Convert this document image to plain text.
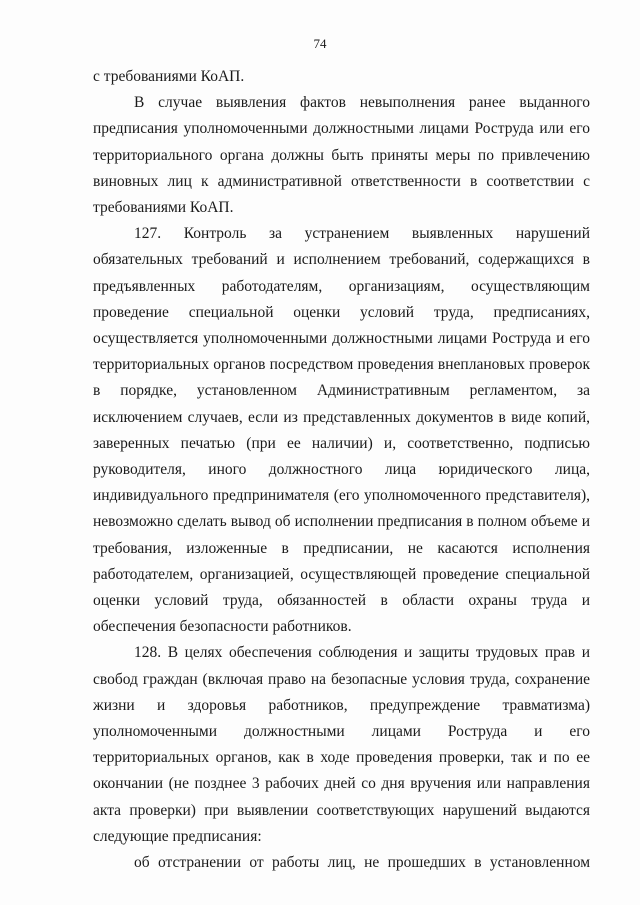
74

с требованиями КоАП.

В случае выявления фактов невыполнения ранее выданного предписания уполномоченными должностными лицами Роструда или его территориального органа должны быть приняты меры по привлечению виновных лиц к административной ответственности в соответствии с требованиями КоАП.

127. Контроль за устранением выявленных нарушений обязательных требований и исполнением требований, содержащихся в предъявленных работодателям, организациям, осуществляющим проведение специальной оценки условий труда, предписаниях, осуществляется уполномоченными должностными лицами Роструда и его территориальных органов посредством проведения внеплановых проверок в порядке, установленном Административным регламентом, за исключением случаев, если из представленных документов в виде копий, заверенных печатью (при ее наличии) и, соответственно, подписью руководителя, иного должностного лица юридического лица, индивидуального предпринимателя (его уполномоченного представителя), невозможно сделать вывод об исполнении предписания в полном объеме и требования, изложенные в предписании, не касаются исполнения работодателем, организацией, осуществляющей проведение специальной оценки условий труда, обязанностей в области охраны труда и обеспечения безопасности работников.

128. В целях обеспечения соблюдения и защиты трудовых прав и свобод граждан (включая право на безопасные условия труда, сохранение жизни и здоровья работников, предупреждение травматизма) уполномоченными должностными лицами Роструда и его территориальных органов, как в ходе проведения проверки, так и по ее окончании (не позднее 3 рабочих дней со дня вручения или направления акта проверки) при выявлении соответствующих нарушений выдаются следующие предписания:

об отстранении от работы лиц, не прошедших в установленном
